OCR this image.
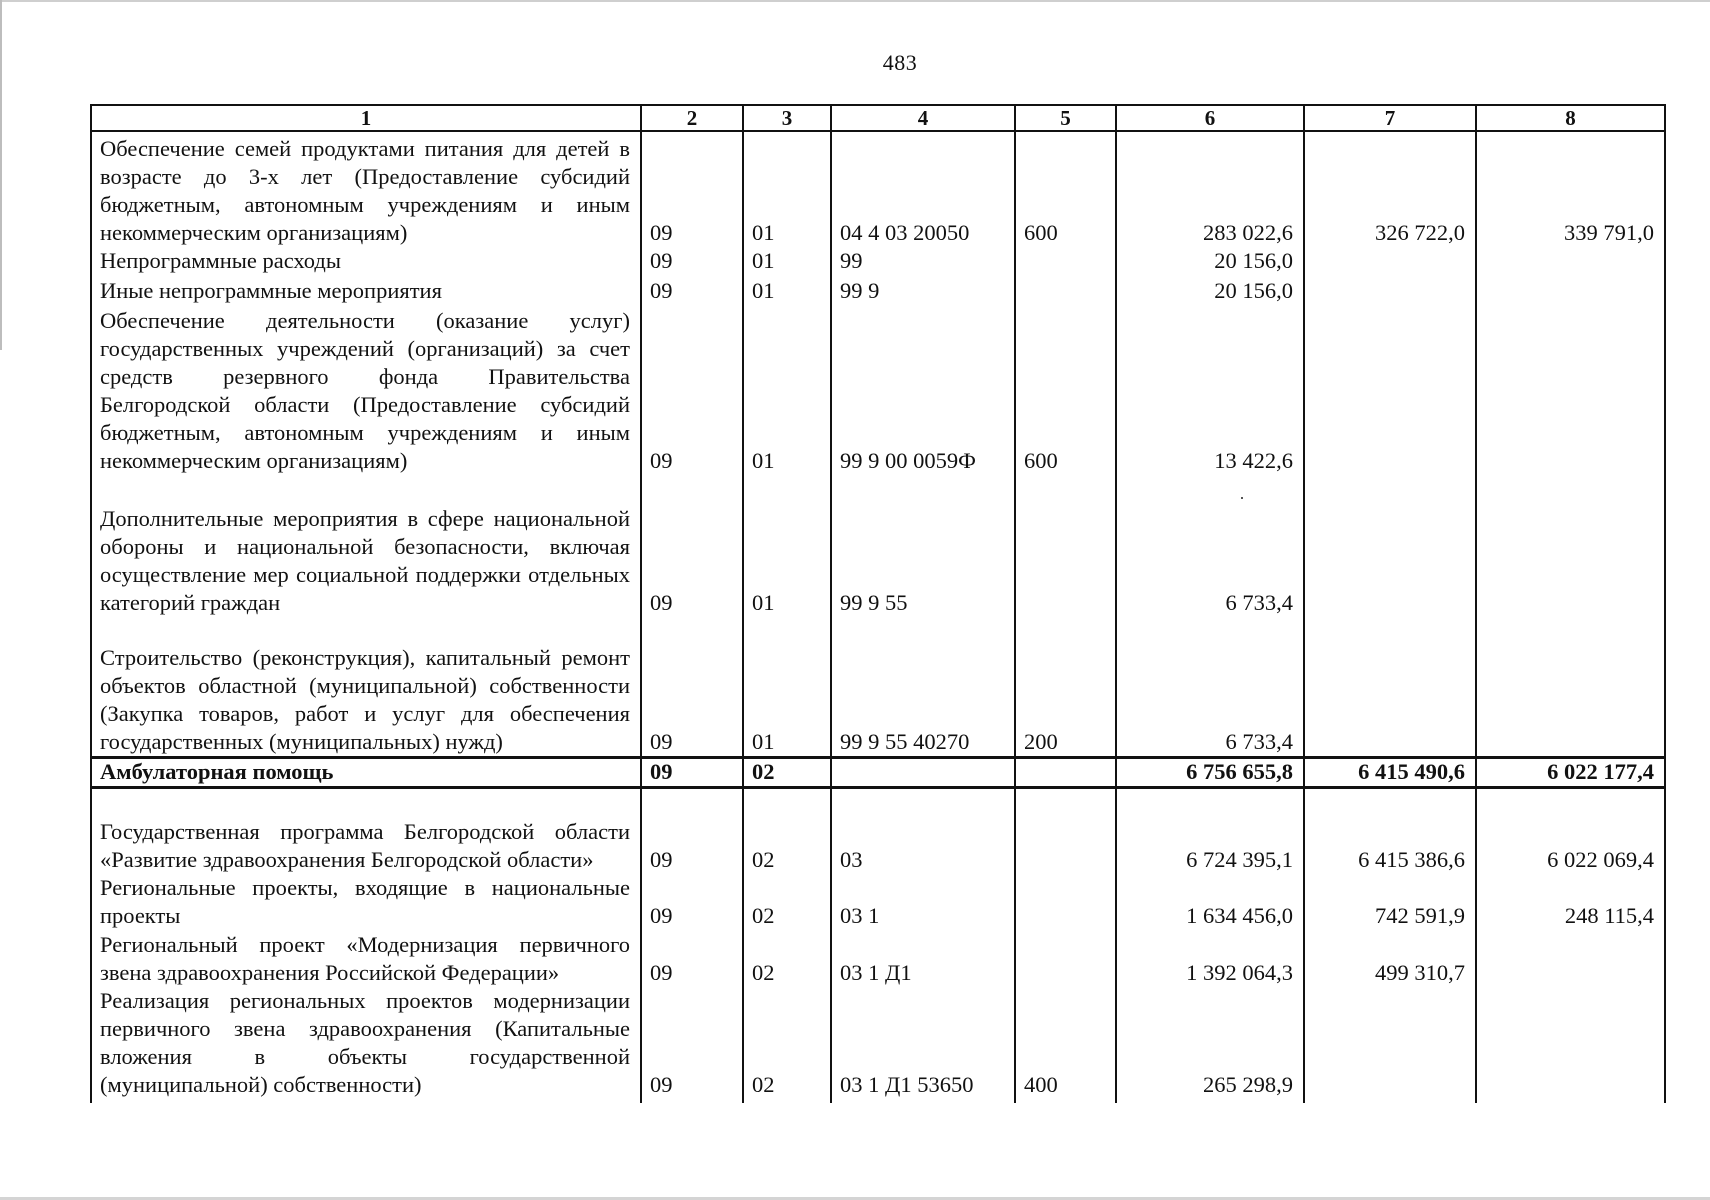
483
1	2	3	4	5	6	7	8
Обеспечение семей продуктами питания для детей в возрасте до 3-х лет (Предоставление субсидий бюджетным, автономным учреждениям и иным некоммерческим организациям)	09	01	04 4 03 20050	600	283 022,6	326 722,0	339 791,0
Непрограммные расходы	09	01	99		20 156,0		
Иные непрограммные мероприятия	09	01	99 9		20 156,0		
Обеспечение деятельности (оказание услуг) государственных учреждений (организаций) за счет средств резервного фонда Правительства Белгородской области (Предоставление субсидий бюджетным, автономным учреждениям и иным некоммерческим организациям)	09	01	99 9 00 0059Ф	600	13 422,6		
Дополнительные мероприятия в сфере национальной обороны и национальной безопасности, включая осуществление мер социальной поддержки отдельных категорий граждан	09	01	99 9 55		6 733,4		
Строительство (реконструкция), капитальный ремонт объектов областной (муниципальной) собственности (Закупка товаров, работ и услуг для обеспечения государственных (муниципальных) нужд)	09	01	99 9 55 40270	200	6 733,4		
Амбулаторная помощь	09	02			6 756 655,8	6 415 490,6	6 022 177,4
Государственная программа Белгородской области «Развитие здравоохранения Белгородской области»	09	02	03		6 724 395,1	6 415 386,6	6 022 069,4
Региональные проекты, входящие в национальные проекты	09	02	03 1		1 634 456,0	742 591,9	248 115,4
Региональный проект «Модернизация первичного звена здравоохранения Российской Федерации»	09	02	03 1 Д1		1 392 064,3	499 310,7	
Реализация региональных проектов модернизации первичного звена здравоохранения (Капитальные вложения в объекты государственной (муниципальной) собственности)	09	02	03 1 Д1 53650	400	265 298,9		
